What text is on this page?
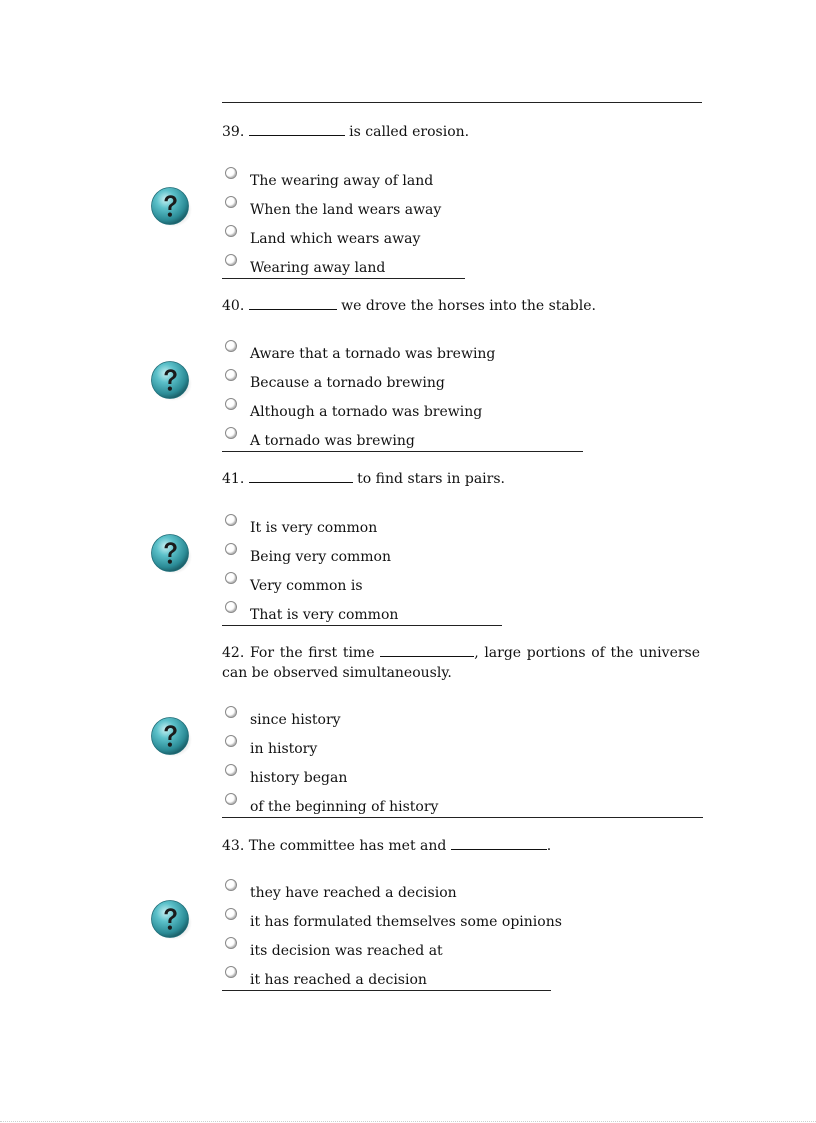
39.	is called erosion.
The wearing away of land
When the land wears away
Land which wears away
Wearing away land
40.	we drove the horses into the stable.
Aware that a tornado was brewing
Because a tornado brewing
Although a tornado was brewing
A tornado was brewing
41.	to find stars in pairs.
It is very common
Being very common
Very common is
That is very common
42. For the first time	, large portions of the universe can be observed simultaneously.
since history
in history
history began
of the beginning of history
43. The committee has met and	.
they have reached a decision
it has formulated themselves some opinions
its decision was reached at
it has reached a decision
